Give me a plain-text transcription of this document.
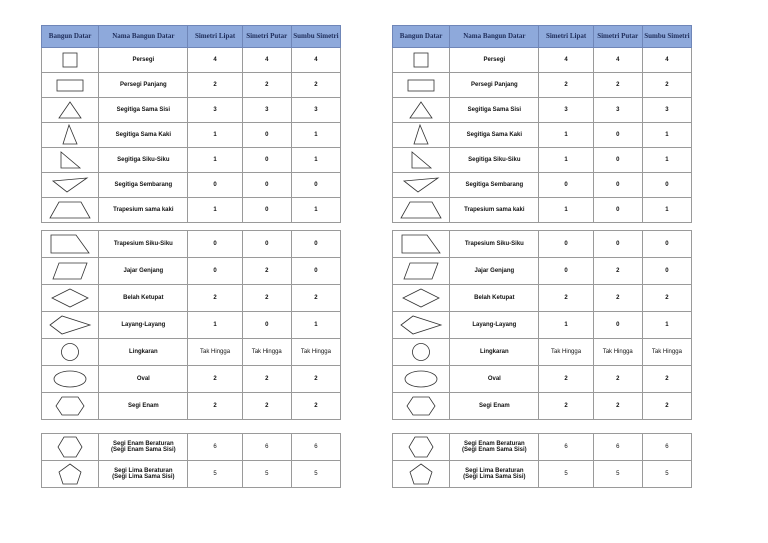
Bangun Datar	Nama Bangun Datar	Simetri Lipat	Simetri Putar	Sumbu Simetri

	Persegi	4	4	4

	Persegi Panjang	2	2	2

	Segitiga Sama Sisi	3	3	3

	Segitiga Sama Kaki	1	0	1

	Segitiga Siku-Siku	1	0	1

	Segitiga Sembarang	0	0	0

	Trapesium sama kaki	1	0	1
	Trapesium Siku-Siku	0	0	0

	Jajar Genjang	0	2	0

	Belah Ketupat	2	2	2

	Layang-Layang	1	0	1

	Lingkaran	Tak Hingga	Tak Hingga	Tak Hingga

	Oval	2	2	2

	Segi Enam	2	2	2
	Segi Enam Beraturan
(Segi Enam Sama Sisi)	6	6	6

	Segi Lima Beraturan
(Segi Lima Sama Sisi)	5	5	5
Bangun Datar	Nama Bangun Datar	Simetri Lipat	Simetri Putar	Sumbu Simetri

	Persegi	4	4	4

	Persegi Panjang	2	2	2

	Segitiga Sama Sisi	3	3	3

	Segitiga Sama Kaki	1	0	1

	Segitiga Siku-Siku	1	0	1

	Segitiga Sembarang	0	0	0

	Trapesium sama kaki	1	0	1
	Trapesium Siku-Siku	0	0	0

	Jajar Genjang	0	2	0

	Belah Ketupat	2	2	2

	Layang-Layang	1	0	1

	Lingkaran	Tak Hingga	Tak Hingga	Tak Hingga

	Oval	2	2	2

	Segi Enam	2	2	2
	Segi Enam Beraturan
(Segi Enam Sama Sisi)	6	6	6

	Segi Lima Beraturan
(Segi Lima Sama Sisi)	5	5	5
